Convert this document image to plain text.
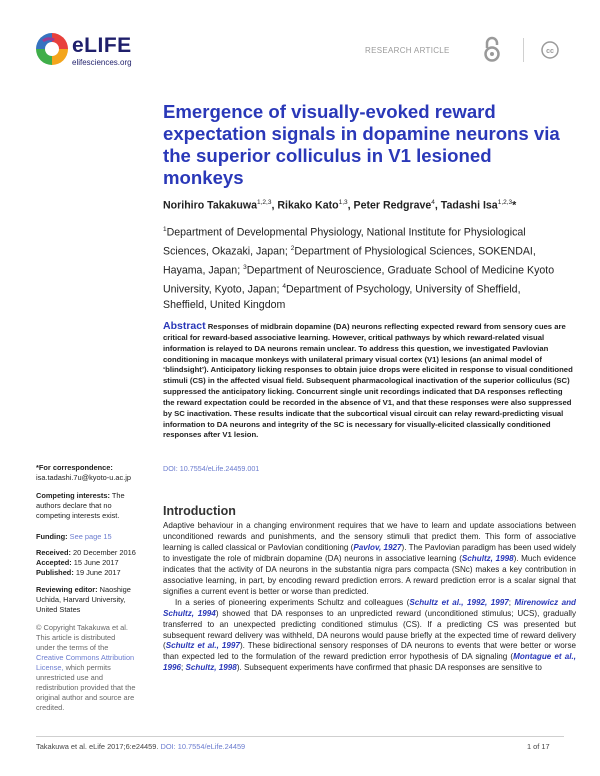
eLIFE
elifesciences.org
RESEARCH ARTICLE	cc
Emergence of visually-evoked reward expectation signals in dopamine neurons via the superior colliculus in V1 lesioned monkeys
Norihiro Takakuwa$^{1,2,3}$, Rikako Kato$^{1,3}$, Peter Redgrave$^4$, Tadashi Isa$^{1,2,3}$*
$^1$Department of Developmental Physiology, National Institute for Physiological Sciences, Okazaki, Japan; $^2$Department of Physiological Sciences, SOKENDAI, Hayama, Japan; $^3$Department of Neuroscience, Graduate School of Medicine Kyoto University, Kyoto, Japan; $^4$Department of Psychology, University of Sheffield, Sheffield, United Kingdom
Abstract Responses of midbrain dopamine (DA) neurons reflecting expected reward from sensory cues are critical for reward-based associative learning. However, critical pathways by which reward-related visual information is relayed to DA neurons remain unclear. To address this question, we investigated Pavlovian conditioning in macaque monkeys with unilateral primary visual cortex (V1) lesions (an animal model of ‘blindsight’). Anticipatory licking responses to obtain juice drops were elicited in response to visual conditioned stimuli (CS) in the affected visual field. Subsequent pharmacological inactivation of the superior colliculus (SC) suppressed the anticipatory licking. Concurrent single unit recordings indicated that DA responses reflecting the reward expectation could be recorded in the absence of V1, and that these responses were also suppressed by SC inactivation. These results indicate that the subcortical visual circuit can relay reward-predicting visual information to DA neurons and integrity of the SC is necessary for visually-elicited classically conditioned responses after V1 lesion.
DOI: 10.7554/eLife.24459.001
*For correspondence: isa.tadashi.7u@kyoto-u.ac.jp
Competing interests: The authors declare that no competing interests exist.
Funding: See page 15
Received: 20 December 2016
Accepted: 15 June 2017
Published: 19 June 2017
Reviewing editor: Naoshige Uchida, Harvard University, United States
© Copyright Takakuwa et al. This article is distributed under the terms of the Creative Commons Attribution License, which permits unrestricted use and redistribution provided that the original author and source are credited.
Introduction

Adaptive behaviour in a changing environment requires that we have to learn and update associations between unconditioned rewards and punishments, and the sensory stimuli that predict them. This form of associative learning is called classical or Pavlovian conditioning (Pavlov, 1927). The Pavlovian paradigm has been used widely to investigate the role of midbrain dopamine (DA) neurons in associative learning (Schultz, 1998). Much evidence indicates that the activity of DA neurons in the substantia nigra pars compacta (SNc) makes a key contribution in associative learning, in part, by encoding reward prediction errors. A reward prediction error is a scalar signal that signifies a current event is better or worse than predicted.

In a series of pioneering experiments Schultz and colleagues (Schultz et al., 1992, 1997; Mirenowicz and Schultz, 1994) showed that DA responses to an unpredicted reward (unconditioned stimulus; UCS), gradually transferred to an unexpected predicting conditioned stimulus (CS). If a predicting CS was presented but subsequent reward delivery was withheld, DA neurons would pause briefly at the expected time of reward delivery (Schultz et al., 1997). These bidirectional sensory responses of DA neurons to events that were better or worse than expected led to the formulation of the reward prediction error hypothesis of DA signaling (Montague et al., 1996; Schultz, 1998). Subsequent experiments have confirmed that phasic DA responses are sensitive to

Takakuwa et al. eLife 2017;6:e24459. DOI: 10.7554/eLife.24459	1 of 17
